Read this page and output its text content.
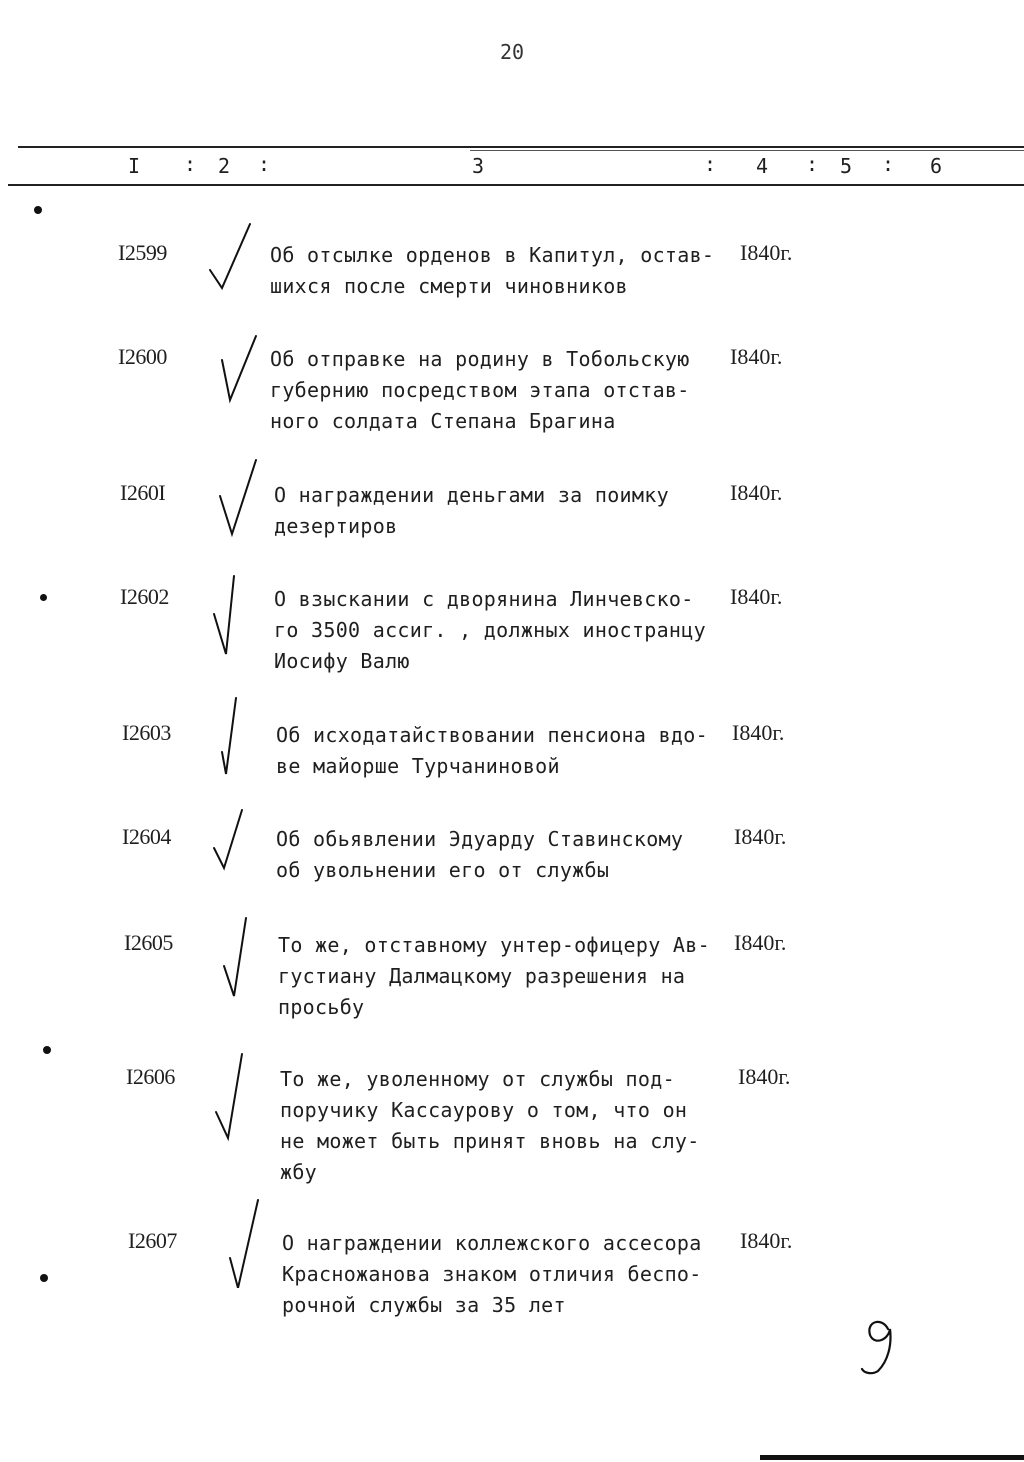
20
I : 2 :	3	: 4 : 5 : 6
I2599	Об отсылке орденов в Капитул, остав-
шихся после смерти чиновников
I840г.
I2600	Об отправке на родину в Тобольскую
губернию посредством этапа отстав-
ного солдата Степана Брагина
I840г.
I260I	О награждении деньгами за поимку
дезертиров
I840г.
I2602	О взыскании с дворянина Линчевско-
го 3500 ассиг. , должных иностранцу
Иосифу Валю
I840г.
I2603	Об исходатайствовании пенсиона вдо-
ве майорше Турчаниновой
I840г.
I2604	Об обьявлении Эдуарду Ставинскому
об увольнении его от службы
I840г.
I2605	То же, отставному унтер-офицеру Ав-
густиану Далмацкому разрешения на
просьбу
I840г.
I2606	То же, уволенному от службы под-
поручику Кассаурову о том, что он
не может быть принят вновь на слу-
жбу
I840г.
I2607	О награждении коллежского ассесора
Красножанова знаком отличия беспо-
рочной службы за 35 лет
I840г.
